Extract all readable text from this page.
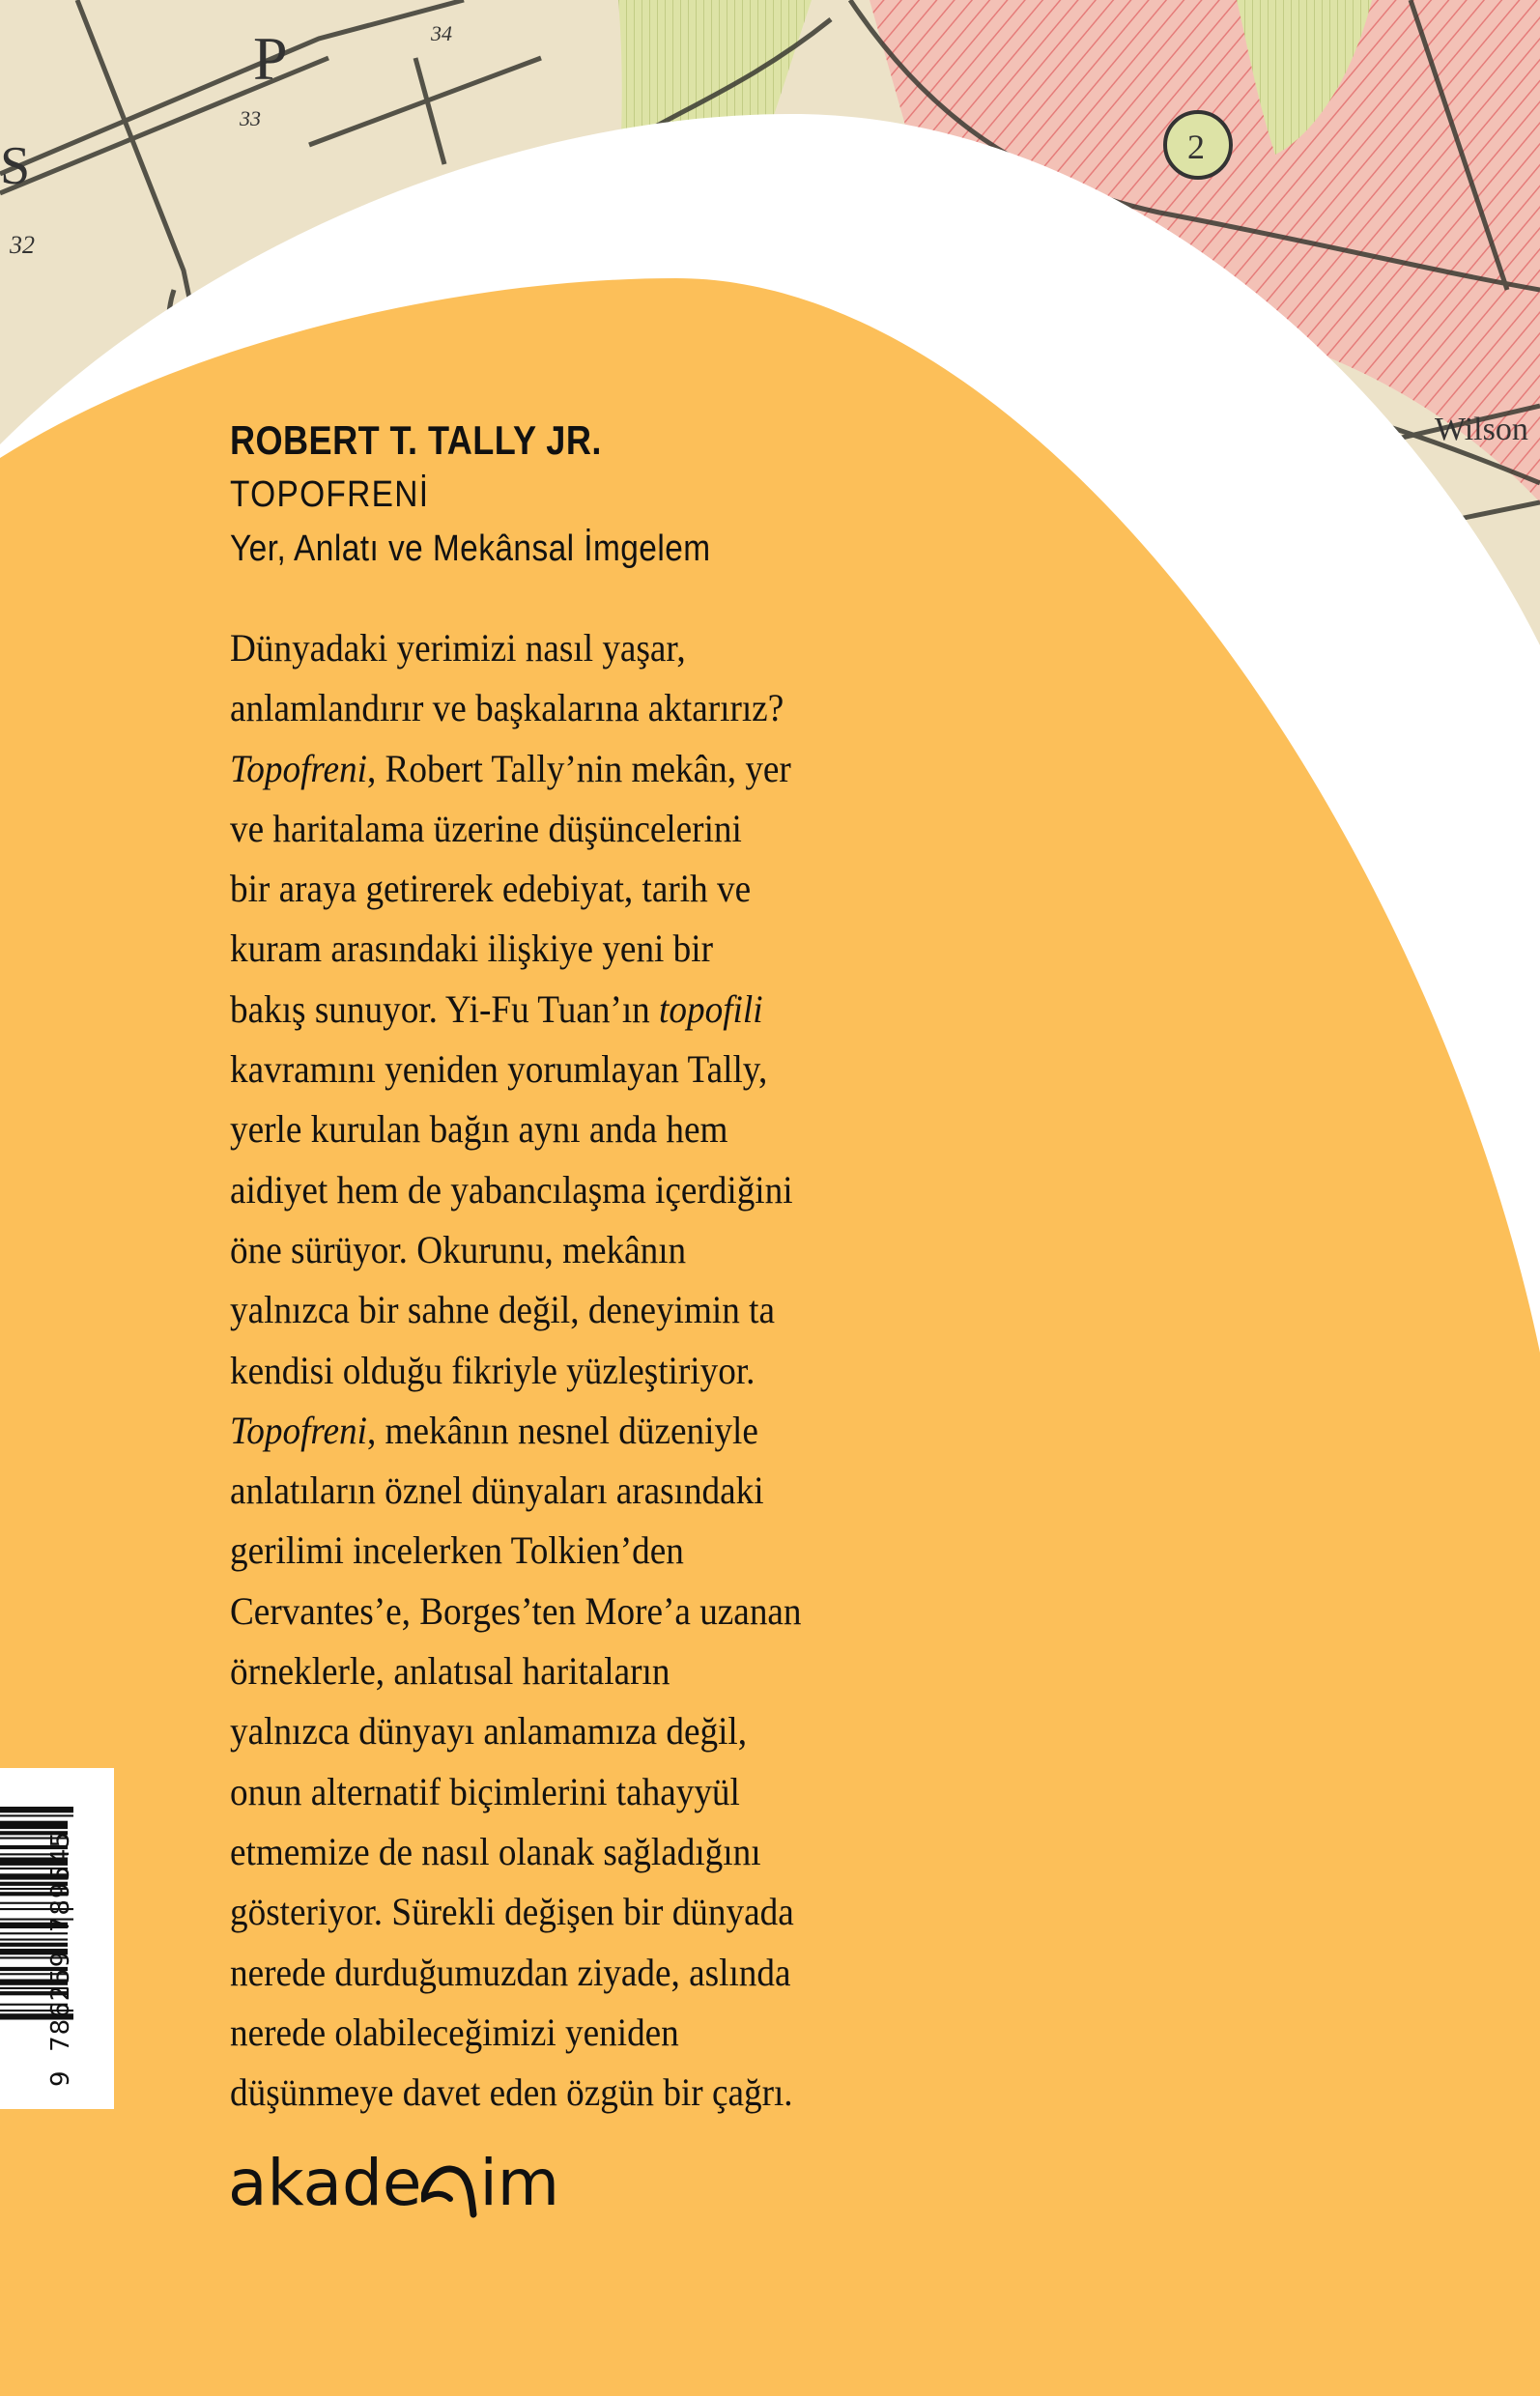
2
P
S
32
33
34
Wilson
ROBERT T. TALLY JR.
TOPOFRENİ
Yer, Anlatı ve Mekânsal İmgelem
Dünyadaki yerimizi nasıl yaşar,
anlamlandırır ve başkalarına aktarırız?
Topofreni, Robert Tally’nin mekân, yer
ve haritalama üzerine düşüncelerini
bir araya getirerek edebiyat, tarih ve
kuram arasındaki ilişkiye yeni bir
bakış sunuyor. Yi-Fu Tuan’ın topofili
kavramını yeniden yorumlayan Tally,
yerle kurulan bağın aynı anda hem
aidiyet hem de yabancılaşma içerdiğini
öne sürüyor. Okurunu, mekânın
yalnızca bir sahne değil, deneyimin ta
kendisi olduğu fikriyle yüzleştiriyor.
Topofreni, mekânın nesnel düzeniyle
anlatıların öznel dünyaları arasındaki
gerilimi incelerken Tolkien’den
Cervantes’e, Borges’ten More’a uzanan
örneklerle, anlatısal haritaların
yalnızca dünyayı anlamamıza değil,
onun alternatif biçimlerini tahayyül
etmemize de nasıl olanak sağladığını
gösteriyor. Sürekli değişen bir dünyada
nerede durduğumuzdan ziyade, aslında
nerede olabileceğimizi yeniden
düşünmeye davet eden özgün bir çağrı.
9  786259  789545
akade im
